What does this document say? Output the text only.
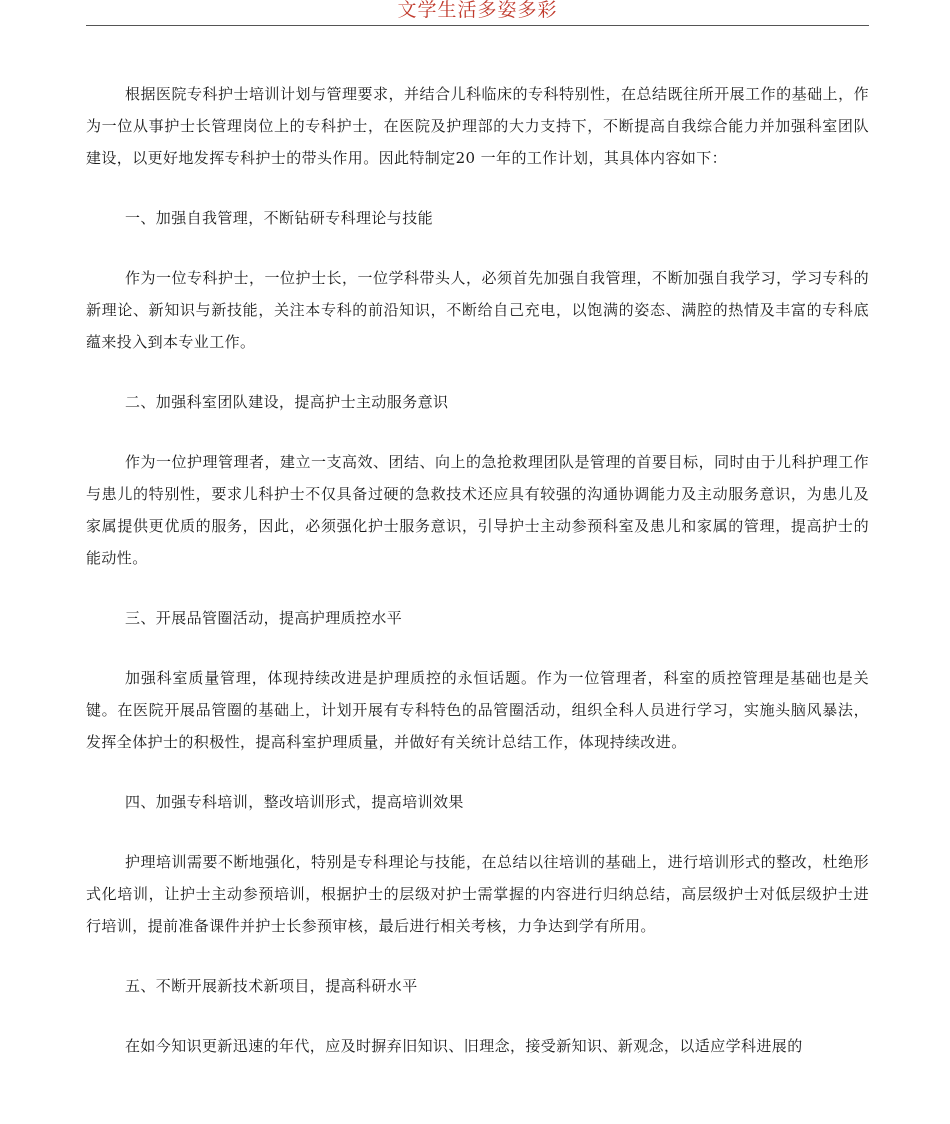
文学生活多姿多彩

根据医院专科护士培训计划与管理要求，并结合儿科临床的专科特别性，在总结既往所开展工作的基础上，作为一位从事护士长管理岗位上的专科护士，在医院及护理部的大力支持下，不断提高自我综合能力并加强科室团队建设，以更好地发挥专科护士的带头作用。因此特制定20 一年的工作计划，其具体内容如下：

一、加强自我管理，不断钻研专科理论与技能

作为一位专科护士，一位护士长，一位学科带头人，必须首先加强自我管理，不断加强自我学习，学习专科的新理论、新知识与新技能，关注本专科的前沿知识，不断给自己充电，以饱满的姿态、满腔的热情及丰富的专科底蕴来投入到本专业工作。

二、加强科室团队建设，提高护士主动服务意识

作为一位护理管理者，建立一支高效、团结、向上的急抢救理团队是管理的首要目标，同时由于儿科护理工作与患儿的特别性，要求儿科护士不仅具备过硬的急救技术还应具有较强的沟通协调能力及主动服务意识，为患儿及家属提供更优质的服务，因此，必须强化护士服务意识，引导护士主动参预科室及患儿和家属的管理，提高护士的能动性。

三、开展品管圈活动，提高护理质控水平

加强科室质量管理，体现持续改进是护理质控的永恒话题。作为一位管理者，科室的质控管理是基础也是关键。在医院开展品管圈的基础上，计划开展有专科特色的品管圈活动，组织全科人员进行学习，实施头脑风暴法，发挥全体护士的积极性，提高科室护理质量，并做好有关统计总结工作，体现持续改进。

四、加强专科培训，整改培训形式，提高培训效果

护理培训需要不断地强化，特别是专科理论与技能，在总结以往培训的基础上，进行培训形式的整改，杜绝形式化培训，让护士主动参预培训，根据护士的层级对护士需掌握的内容进行归纳总结，高层级护士对低层级护士进行培训，提前准备课件并护士长参预审核，最后进行相关考核，力争达到学有所用。

五、不断开展新技术新项目，提高科研水平

在如今知识更新迅速的年代，应及时摒弃旧知识、旧理念，接受新知识、新观念，以适应学科进展的
